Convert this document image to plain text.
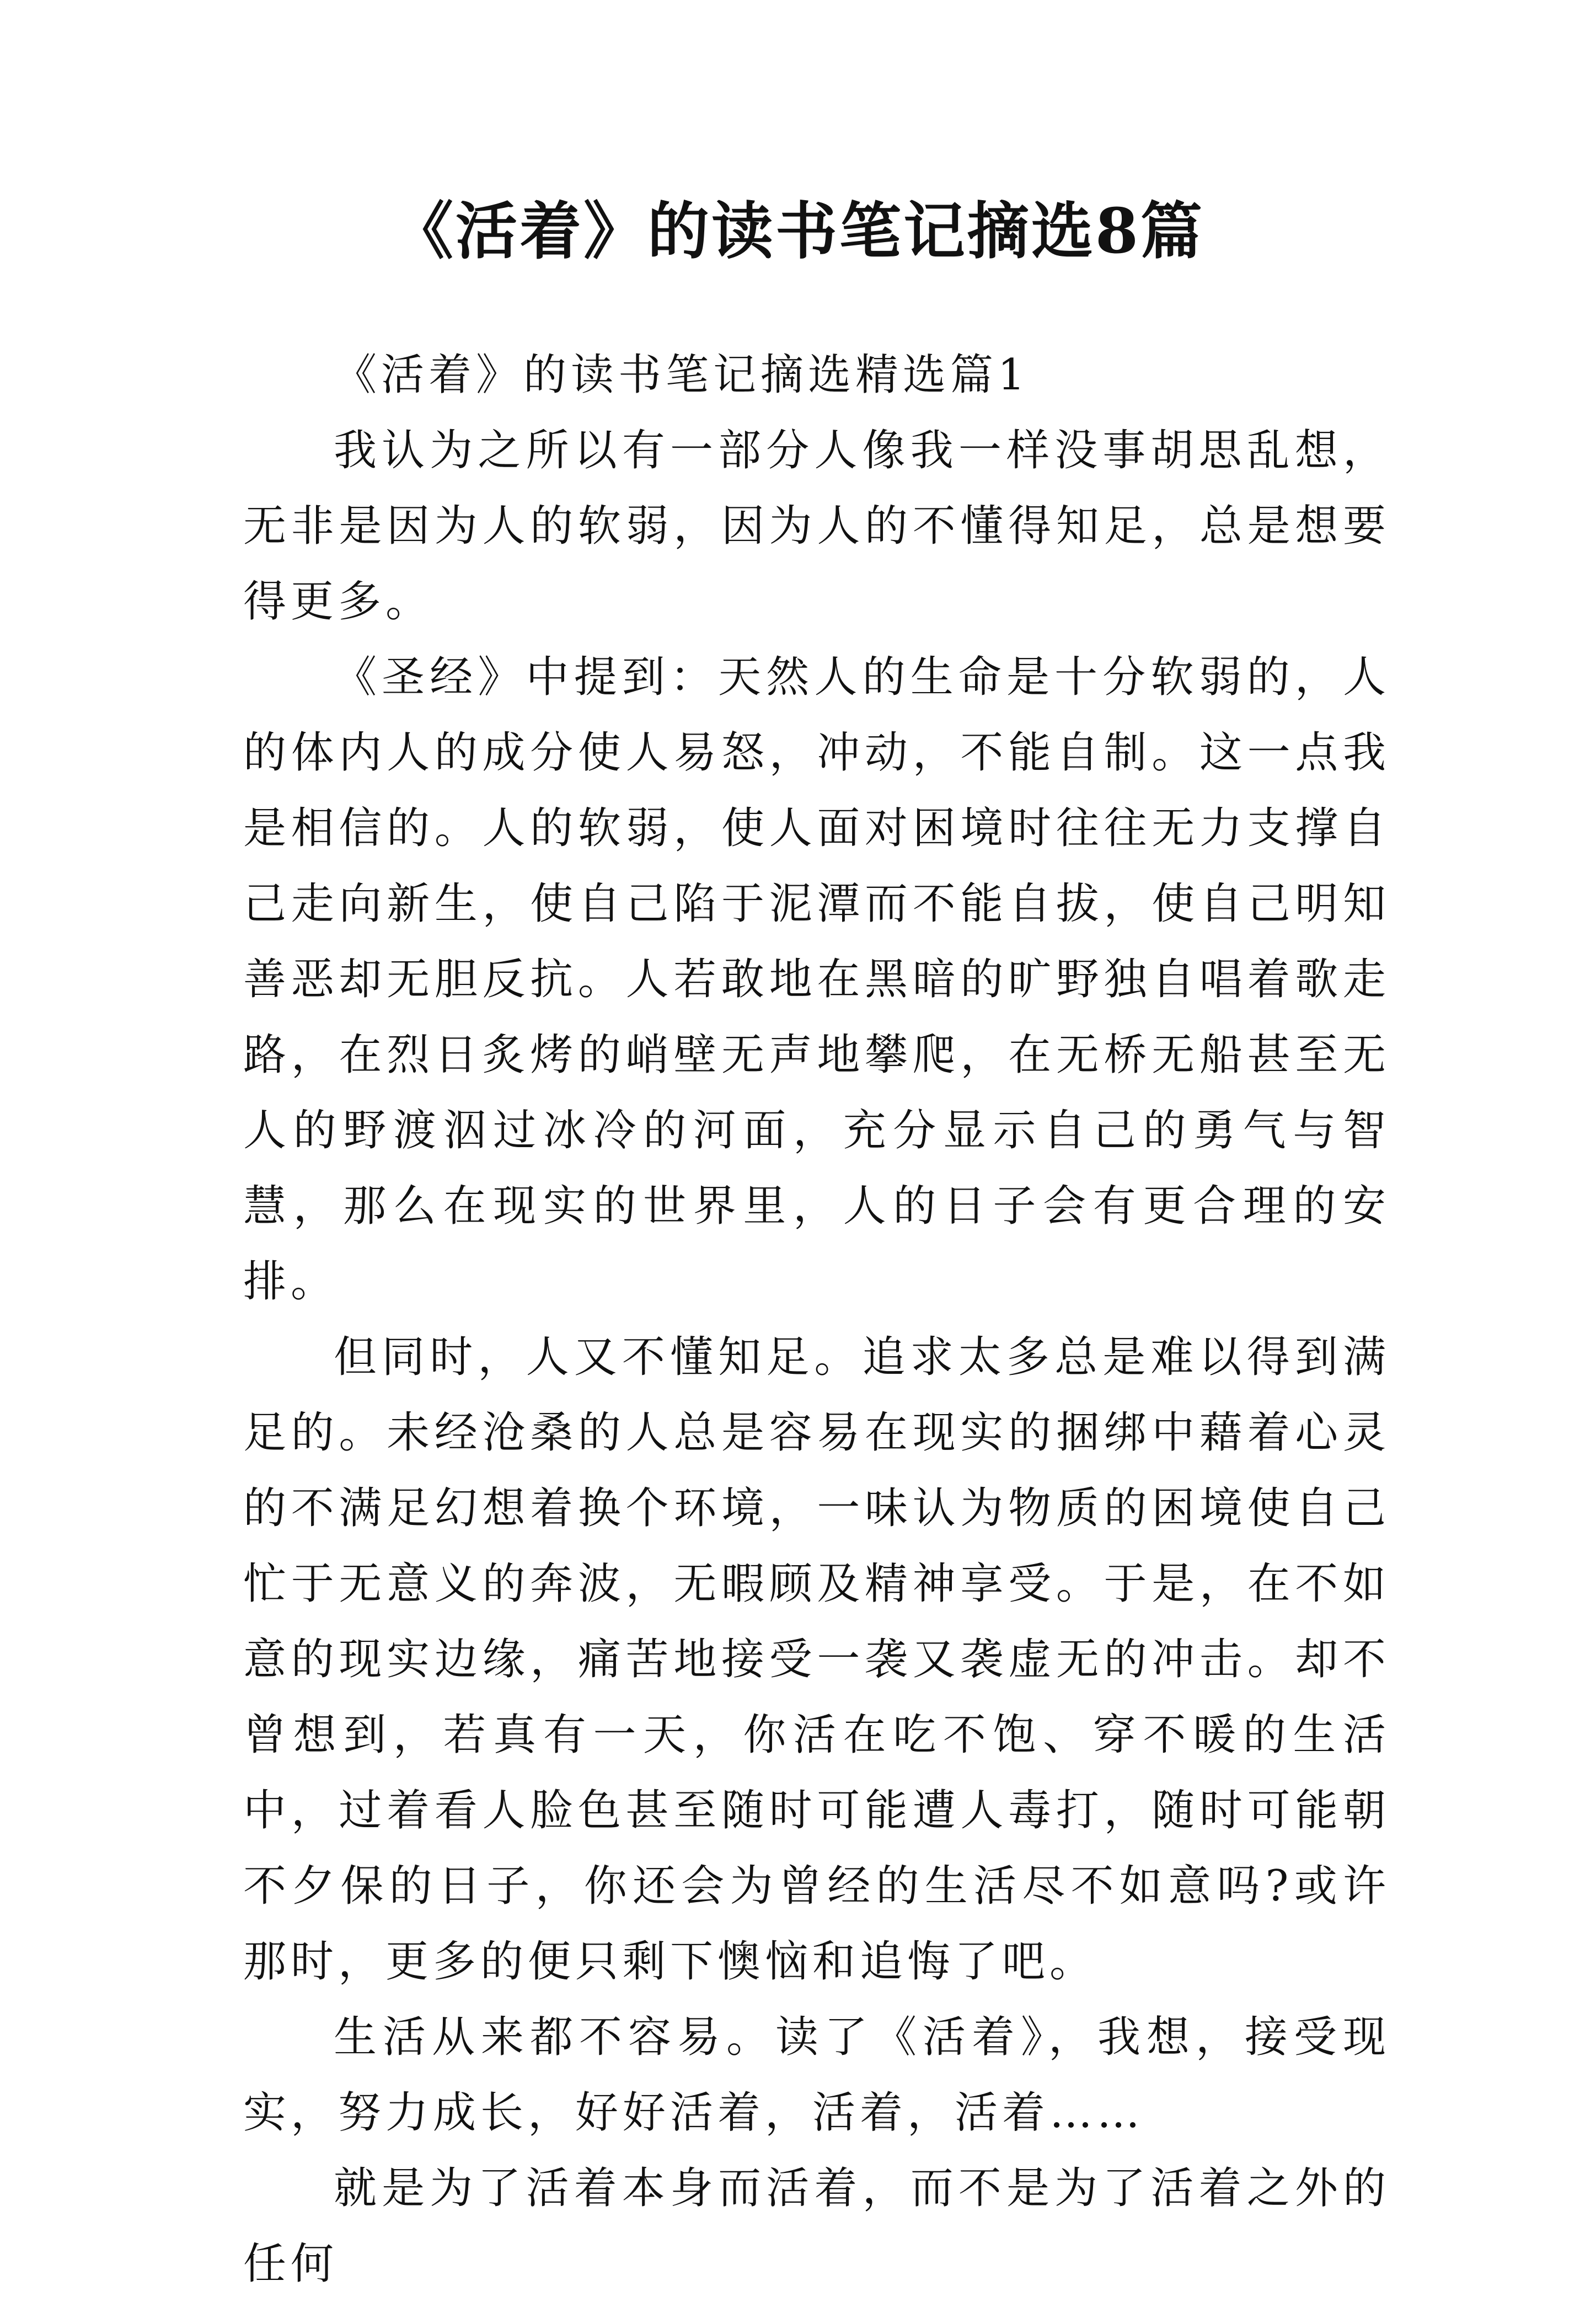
《活着》的读书笔记摘选8篇

《活着》的读书笔记摘选精选篇1

我认为之所以有一部分人像我一样没事胡思乱想，无非是因为人的软弱，因为人的不懂得知足，总是想要得更多。

《圣经》中提到：天然人的生命是十分软弱的，人的体内人的成分使人易怒，冲动，不能自制。这一点我是相信的。人的软弱，使人面对困境时往往无力支撑自己走向新生，使自己陷于泥潭而不能自拔，使自己明知善恶却无胆反抗。人若敢地在黑暗的旷野独自唱着歌走路，在烈日炙烤的峭壁无声地攀爬，在无桥无船甚至无人的野渡泅过冰冷的河面，充分显示自己的勇气与智慧，那么在现实的世界里，人的日子会有更合理的安排。

但同时，人又不懂知足。追求太多总是难以得到满足的。未经沧桑的人总是容易在现实的捆绑中藉着心灵的不满足幻想着换个环境，一味认为物质的困境使自己忙于无意义的奔波，无暇顾及精神享受。于是，在不如意的现实边缘，痛苦地接受一袭又袭虚无的冲击。却不曾想到，若真有一天，你活在吃不饱、穿不暖的生活中，过着看人脸色甚至随时可能遭人毒打，随时可能朝不夕保的日子，你还会为曾经的生活尽不如意吗?或许那时，更多的便只剩下懊恼和追悔了吧。

生活从来都不容易。读了《活着》，我想，接受现实，努力成长，好好活着，活着，活着……

就是为了活着本身而活着，而不是为了活着之外的任何
